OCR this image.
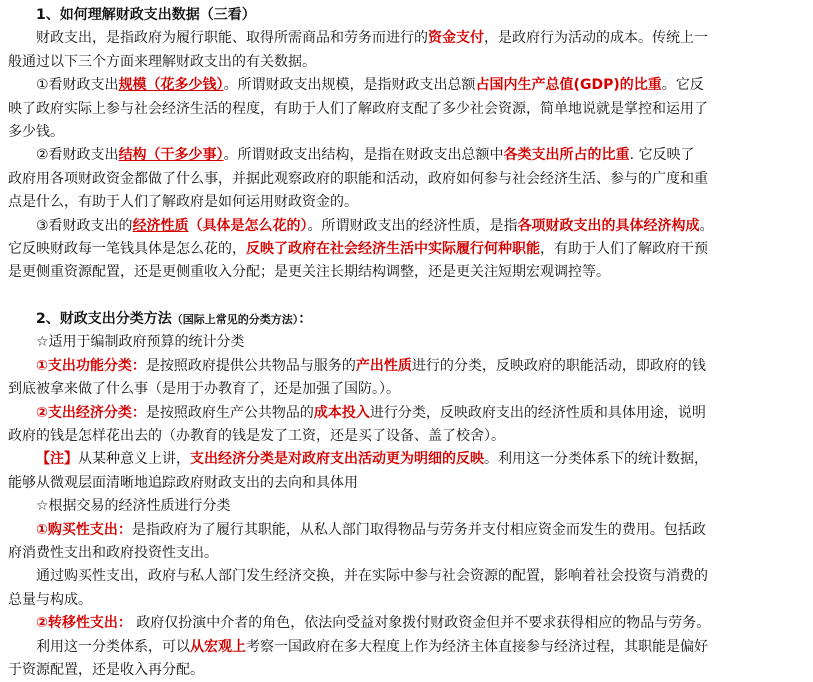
1、如何理解财政支出数据（三看）
财政支出，是指政府为履行职能、取得所需商品和劳务而进行的资金支付，是政府行为活动的成本。传统上一
般通过以下三个方面来理解财政支出的有关数据。
①看财政支出规模（花多少钱）。所谓财政支出规模，是指财政支出总额占国内生产总值(GDP)的比重。它反
映了政府实际上参与社会经济生活的程度，有助于人们了解政府支配了多少社会资源，简单地说就是掌控和运用了
多少钱。
②看财政支出结构（干多少事）。所谓财政支出结构，是指在财政支出总额中各类支出所占的比重. 它反映了
政府用各项财政资金都做了什么事，并据此观察政府的职能和活动，政府如何参与社会经济生活、参与的广度和重
点是什么，有助于人们了解政府是如何运用财政资金的。
③看财政支出的经济性质（具体是怎么花的）。所谓财政支出的经济性质，是指各项财政支出的具体经济构成。
它反映财政每一笔钱具体是怎么花的，反映了政府在社会经济生活中实际履行何种职能，有助于人们了解政府干预
是更侧重资源配置，还是更侧重收入分配；是更关注长期结构调整，还是更关注短期宏观调控等。
2、财政支出分类方法（国际上常见的分类方法）：
☆适用于编制政府预算的统计分类
①支出功能分类：是按照政府提供公共物品与服务的产出性质进行的分类，反映政府的职能活动，即政府的钱
到底被拿来做了什么事（是用于办教育了，还是加强了国防。）。
②支出经济分类：是按照政府生产公共物品的成本投入进行分类，反映政府支出的经济性质和具体用途，说明
政府的钱是怎样花出去的（办教育的钱是发了工资，还是买了设备、盖了校舍）。
【注】从某种意义上讲，支出经济分类是对政府支出活动更为明细的反映。利用这一分类体系下的统计数据，
能够从微观层面清晰地追踪政府财政支出的去向和具体用
☆根据交易的经济性质进行分类
①购买性支出：是指政府为了履行其职能，从私人部门取得物品与劳务并支付相应资金而发生的费用。包括政
府消费性支出和政府投资性支出。
通过购买性支出，政府与私人部门发生经济交换，并在实际中参与社会资源的配置，影响着社会投资与消费的
总量与构成。
②转移性支出： 政府仅扮演中介者的角色，依法向受益对象拨付财政资金但并不要求获得相应的物品与劳务。
利用这一分类体系，可以从宏观上考察一国政府在多大程度上作为经济主体直接参与经济过程，其职能是偏好
于资源配置，还是收入再分配。
